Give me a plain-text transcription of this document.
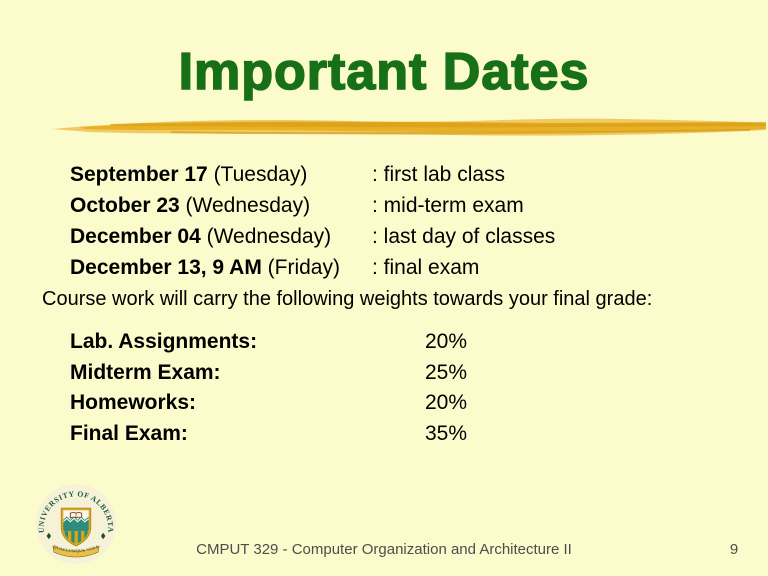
Important Dates
September 17 (Tuesday)	: first lab class
October 23 (Wednesday)	: mid-term exam
December 04 (Wednesday)	: last day of classes
December 13, 9 AM (Friday)	: final exam
Course work will carry the following weights towards your final grade:
Lab. Assignments:	20%
Midterm Exam:	25%
Homeworks:	20%
Final Exam:	35%
UNIVERSITY OF ALBERTA
QUAECUMQUE VERA	CMPUT 329 - Computer Organization and Architecture II	9
